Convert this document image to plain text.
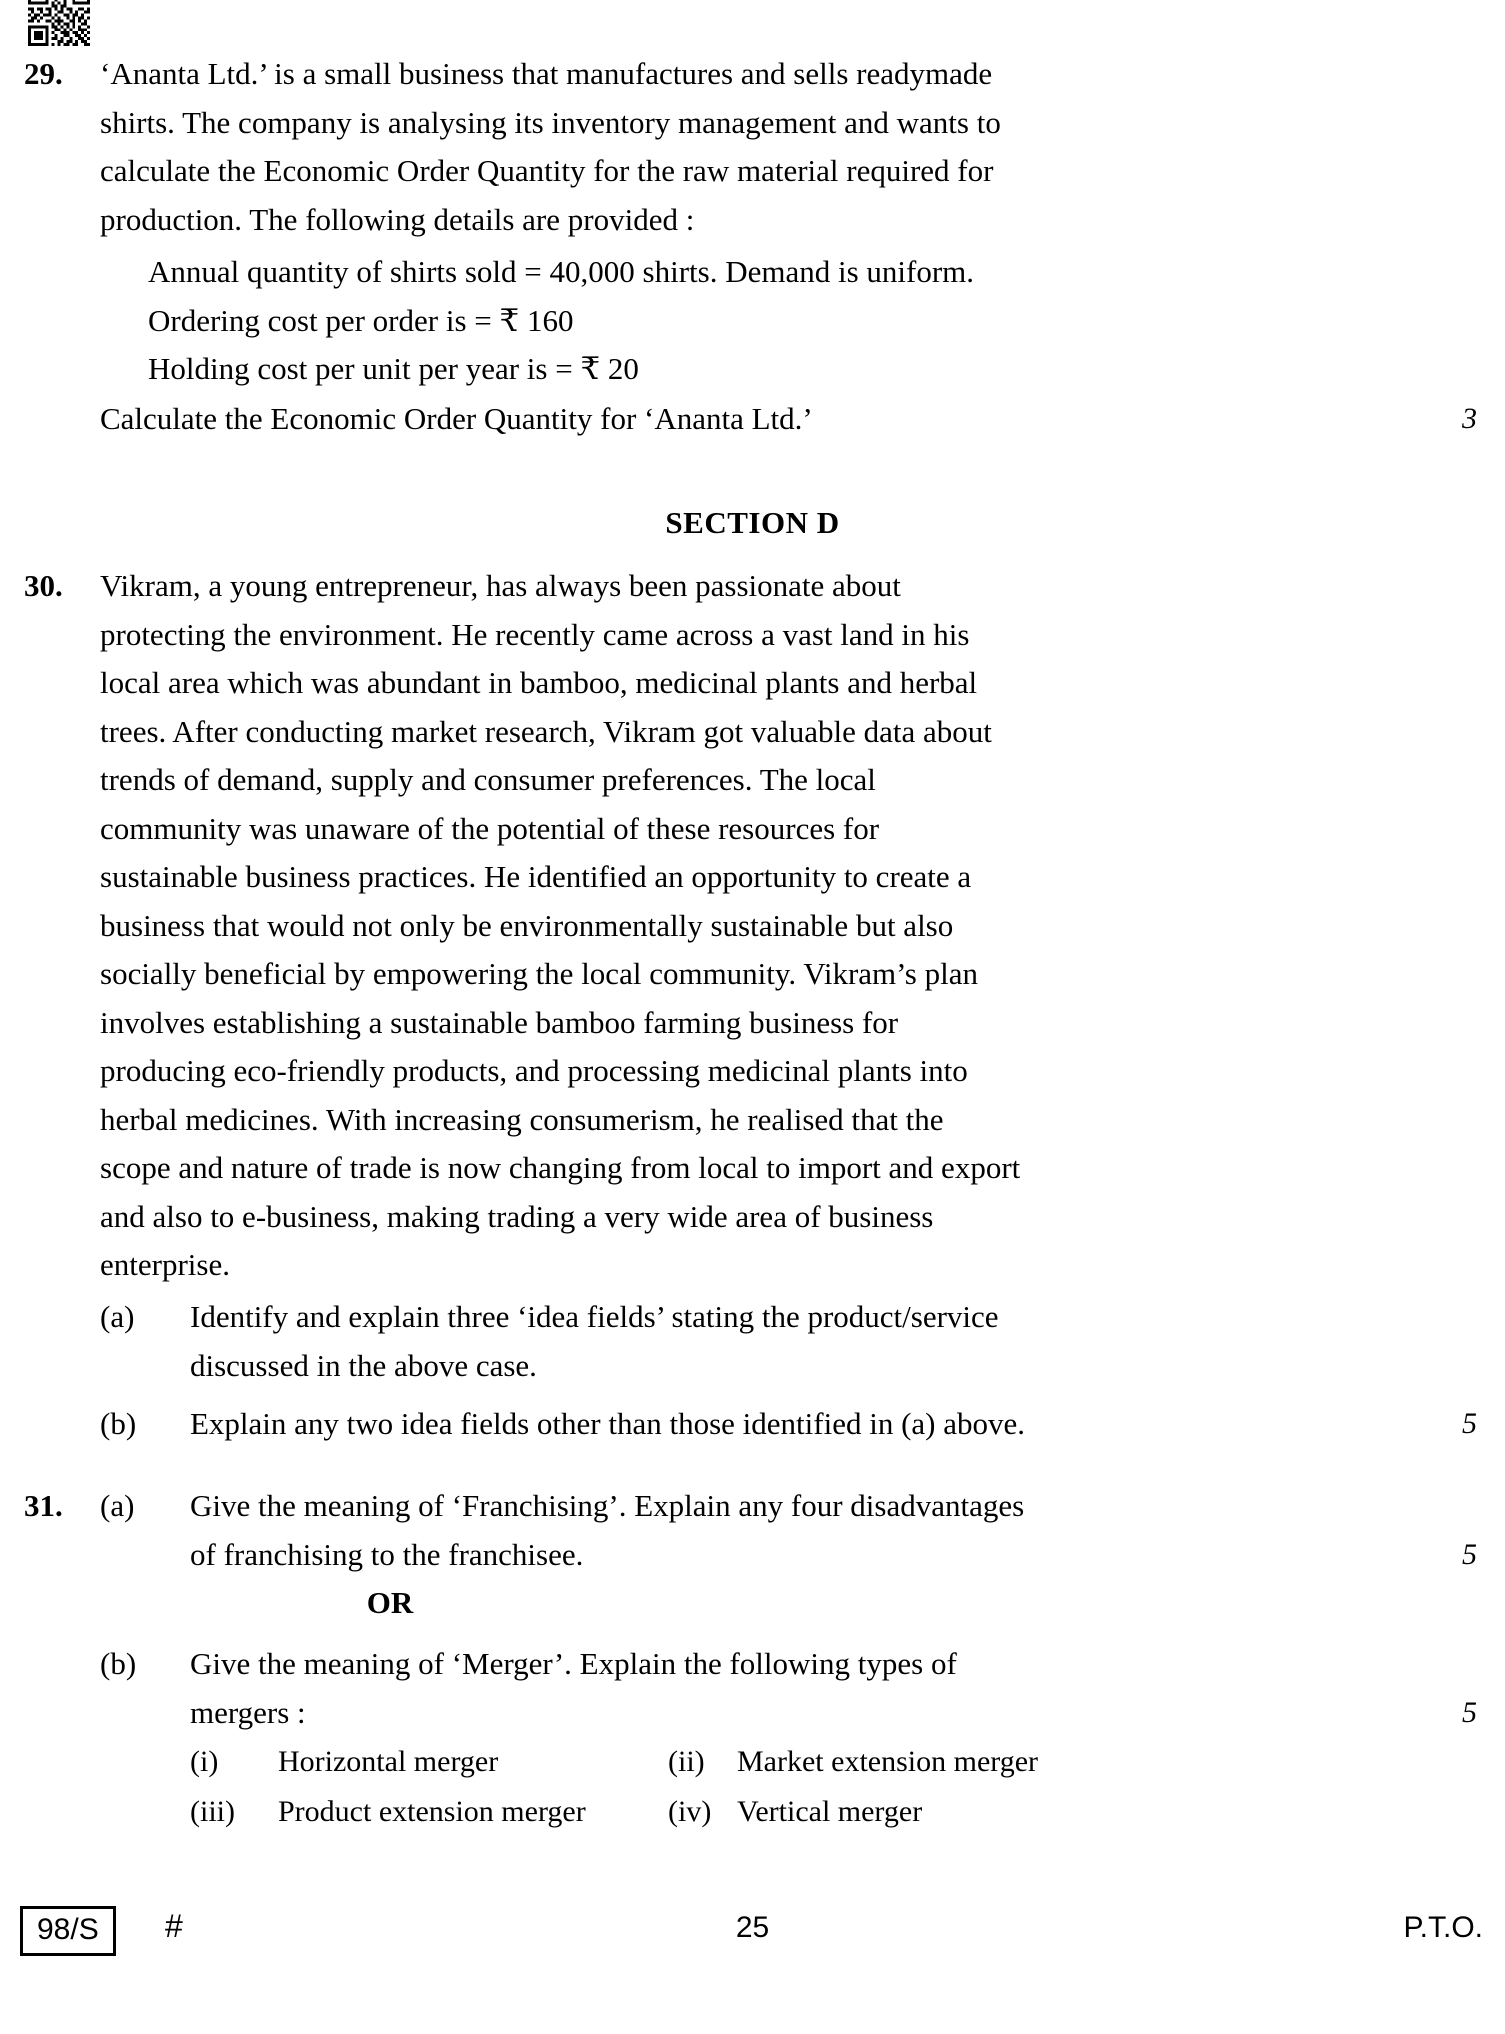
29.	‘Ananta Ltd.’ is a small business that manufactures and sells readymade
shirts. The company is analysing its inventory management and wants to
calculate the Economic Order Quantity for the raw material required for
production. The following details are provided :
Annual quantity of shirts sold = 40,000 shirts. Demand is uniform.
Ordering cost per order is = ₹ 160
Holding cost per unit per year is = ₹ 20
Calculate the Economic Order Quantity for ‘Ananta Ltd.’	3
SECTION D
30.	Vikram, a young entrepreneur, has always been passionate about
protecting the environment. He recently came across a vast land in his
local area which was abundant in bamboo, medicinal plants and herbal
trees. After conducting market research, Vikram got valuable data about
trends of demand, supply and consumer preferences. The local
community was unaware of the potential of these resources for
sustainable business practices. He identified an opportunity to create a
business that would not only be environmentally sustainable but also
socially beneficial by empowering the local community. Vikram’s plan
involves establishing a sustainable bamboo farming business for
producing eco-friendly products, and processing medicinal plants into
herbal medicines. With increasing consumerism, he realised that the
scope and nature of trade is now changing from local to import and export
and also to e-business, making trading a very wide area of business
enterprise.
(a)	Identify and explain three ‘idea fields’ stating the product/service
discussed in the above case.
(b)	Explain any two idea fields other than those identified in (a) above.	5
31.	(a)	Give the meaning of ‘Franchising’. Explain any four disadvantages
of franchising to the franchisee.	5
OR
(b)	Give the meaning of ‘Merger’. Explain the following types of
mergers :	5
(i) Horizontal merger	(ii) Market extension merger
(iii) Product extension merger	(iv) Vertical merger
98/S	#	25	P.T.O.
